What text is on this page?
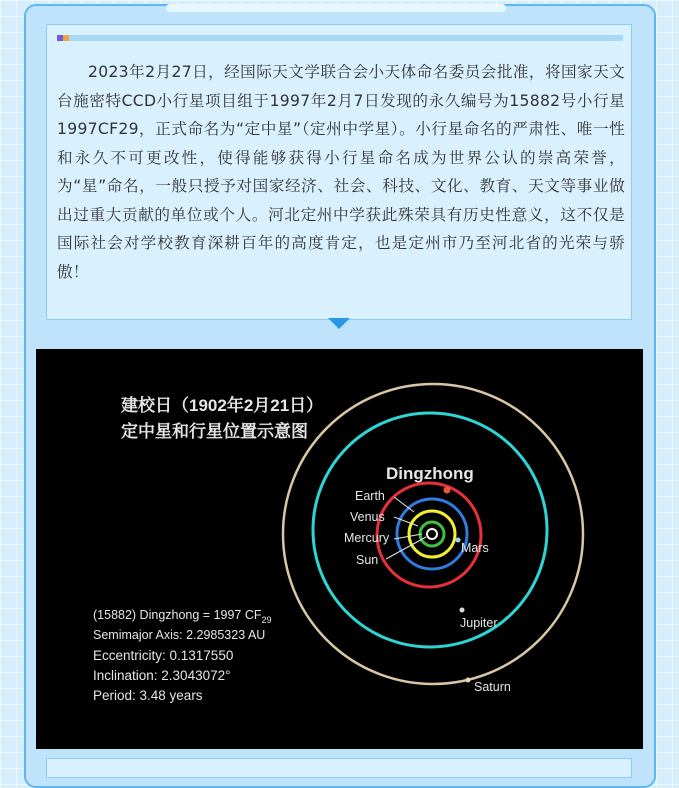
2023年2月27日，经国际天文学联合会小天体命名委员会批准，将国家天文台施密特CCD小行星项目组于1997年2月7日发现的永久编号为15882号小行星1997CF29，正式命名为“定中星”（定州中学星）。小行星命名的严肃性、唯一性和永久不可更改性，使得能够获得小行星命名成为世界公认的崇高荣誉，为“星”命名，一般只授予对国家经济、社会、科技、文化、教育、天文等事业做出过重大贡献的单位或个人。河北定州中学获此殊荣具有历史性意义，这不仅是国际社会对学校教育深耕百年的高度肯定，也是定州市乃至河北省的光荣与骄傲！

建校日（1902年2月21日）
定中星和行星位置示意图
Dingzhong
Earth
Venus
Mercury
Sun
Mars
Jupiter
Saturn
(15882) Dingzhong = 1997 $CF_{29}$
Semimajor Axis: 2.2985323 AU
Eccentricity: 0.1317550
Inclination: 2.3043072°
Period: 3.48 years
